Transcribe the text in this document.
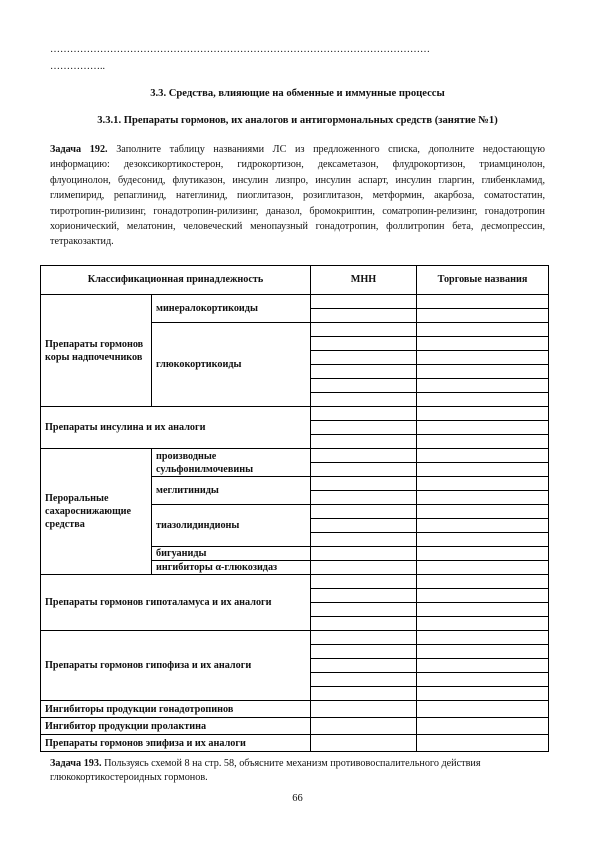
……………………………………………………………………………………………………
……………..
3.3. Средства, влияющие на обменные и иммунные процессы
3.3.1. Препараты гормонов, их аналогов и антигормональных средств (занятие №1)
Задача 192. Заполните таблицу названиями ЛС из предложенного списка, дополните недостающую информацию: дезоксикортикостерон, гидрокортизон, дексаметазон, флудрокортизон, триамцинолон, флуоцинолон, будесонид, флутиказон, инсулин лизпро, инсулин аспарт, инсулин гларгин, глибенкламид, глимепирид, репаглинид, натеглинид, пиоглитазон, розиглитазон, метформин, акарбоза, соматостатин, тиротропин-рилизинг, гонадотропин-рилизинг, даназол, бромокриптин, соматропин-релизинг, гонадотропин хорионический, мелатонин, человеческий менопаузный гонадотропин, фоллитропин бета, десмопрессин, тетракозактид.
Классификационная принадлежность		МНН	Торговые названия
Препараты гормонов коры надпочечников	минералокортикоиды		

	глюкокортикоиды		

Препараты инсулина и их аналоги			

Пероральные сахароснижающие средства	производные сульфонилмочевины		

	меглитиниды		

	тиазолидиндионы		

	бигуаниды		
	ингибиторы α-глюкозидаз		
Препараты гормонов гипоталамуса и их аналоги			

Препараты гормонов гипофиза и их аналоги			

Ингибиторы продукции гонадотропинов			
Ингибитор продукции пролактина			
Препараты гормонов эпифиза и их аналоги			
Задача 193. Пользуясь схемой 8 на стр. 58, объясните механизм противовоспалительного действия глюкокортикостероидных гормонов.
66
